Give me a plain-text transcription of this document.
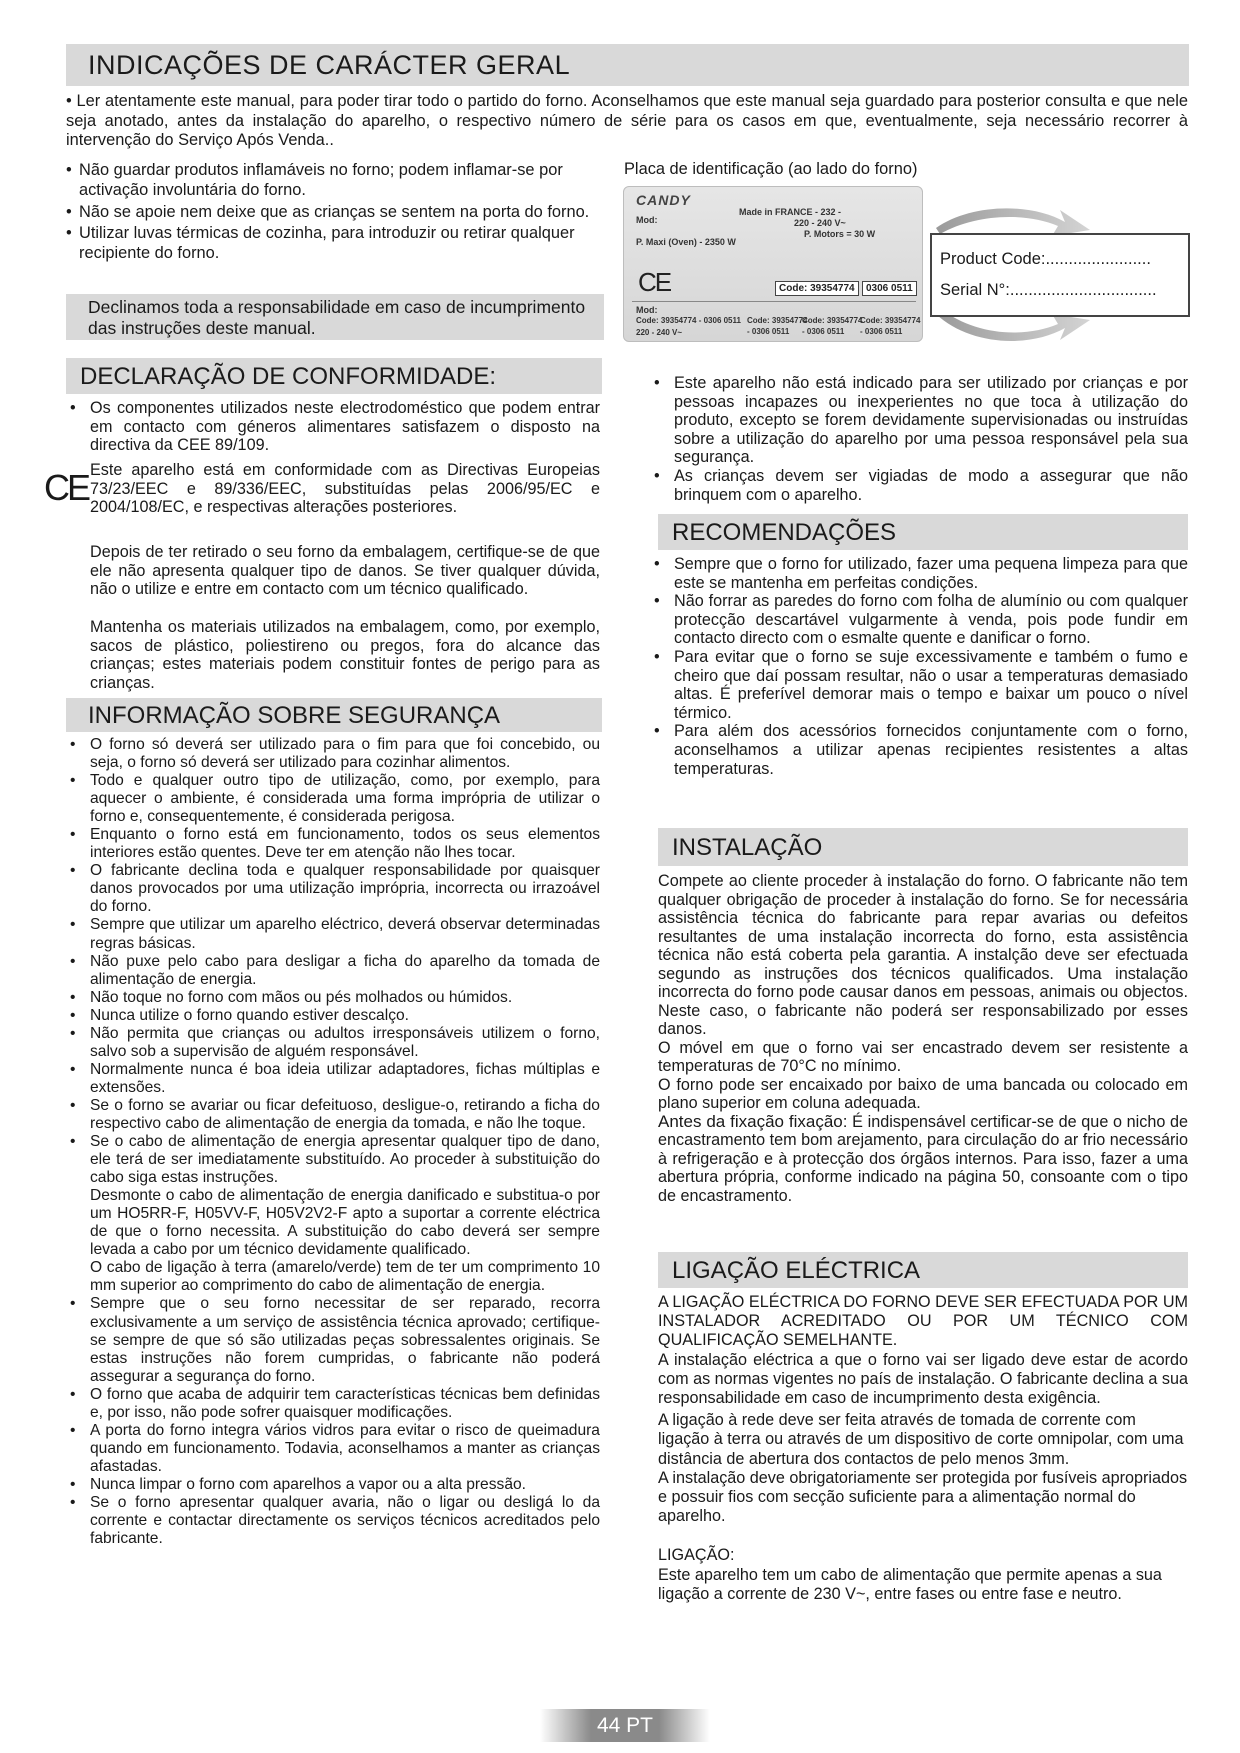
INDICAÇÕES DE CARÁCTER GERAL
• Ler atentamente este manual, para poder tirar todo o partido do forno. Aconselhamos que este manual seja guardado para posterior consulta e que nele seja anotado, antes da instalação do aparelho, o respectivo número de série para os casos em que, eventualmente, seja necessário recorrer à intervenção do Serviço Após Venda..
• Não guardar produtos inflamáveis no forno; podem inflamar-se por activação involuntária do forno.
• Não se apoie nem deixe que as crianças se sentem na porta do forno.
• Utilizar luvas térmicas de cozinha, para introduzir ou retirar qualquer recipiente do forno.
Declinamos toda a responsabilidade em caso de incumprimento das instruções deste manual.
Placa de identificação (ao lado do forno)
CANDY
Mod:
Made in FRANCE - 232 -
220 - 240 V~
P. Motors = 30 W
P. Maxi (Oven) - 2350 W
CE	Code: 39354774	0306 0511
Mod:
Code: 39354774 - 0306 0511
220 - 240 V~
Code: 39354774
- 0306 0511
Code: 39354774
- 0306 0511
Code: 39354774
- 0306 0511
Product Code:.......................
Serial N°:................................
DECLARAÇÃO DE CONFORMIDADE:
• Os componentes utilizados neste electrodoméstico que podem entrar em contacto com géneros alimentares satisfazem o disposto na directiva da CEE 89/109.
CE Este aparelho está em conformidade com as Directivas Europeias 73/23/EEC e 89/336/EEC, substituídas pelas 2006/95/EC e 2004/108/EC, e respectivas alterações posteriores.
Depois de ter retirado o seu forno da embalagem, certifique-se de que ele não apresenta qualquer tipo de danos. Se tiver qualquer dúvida, não o utilize e entre em contacto com um técnico qualificado.
Mantenha os materiais utilizados na embalagem, como, por exemplo, sacos de plástico, poliestireno ou pregos, fora do alcance das crianças; estes materiais podem constituir fontes de perigo para as crianças.
INFORMAÇÃO SOBRE SEGURANÇA
• O forno só deverá ser utilizado para o fim para que foi concebido, ou seja, o forno só deverá ser utilizado para cozinhar alimentos.
• Todo e qualquer outro tipo de utilização, como, por exemplo, para aquecer o ambiente, é considerada uma forma imprópria de utilizar o forno e, consequentemente, é considerada perigosa.
• Enquanto o forno está em funcionamento, todos os seus elementos interiores estão quentes. Deve ter em atenção não lhes tocar.
• O fabricante declina toda e qualquer responsabilidade por quaisquer danos provocados por uma utilização imprópria, incorrecta ou irrazoável do forno.
• Sempre que utilizar um aparelho eléctrico, deverá observar determinadas regras básicas.
• Não puxe pelo cabo para desligar a ficha do aparelho da tomada de alimentação de energia.
• Não toque no forno com mãos ou pés molhados ou húmidos.
• Nunca utilize o forno quando estiver descalço.
• Não permita que crianças ou adultos irresponsáveis utilizem o forno, salvo sob a supervisão de alguém responsável.
• Normalmente nunca é boa ideia utilizar adaptadores, fichas múltiplas e extensões.
• Se o forno se avariar ou ficar defeituoso, desligue-o, retirando a ficha do respectivo cabo de alimentação de energia da tomada, e não lhe toque.
• Se o cabo de alimentação de energia apresentar qualquer tipo de dano, ele terá de ser imediatamente substituído. Ao proceder à substituição do cabo siga estas instruções.
Desmonte o cabo de alimentação de energia danificado e substitua-o por um HO5RR-F, H05VV-F, H05V2V2-F apto a suportar a corrente eléctrica de que o forno necessita. A substituição do cabo deverá ser sempre levada a cabo por um técnico devidamente qualificado.
O cabo de ligação à terra (amarelo/verde) tem de ter um comprimento 10 mm superior ao comprimento do cabo de alimentação de energia.
• Sempre que o seu forno necessitar de ser reparado, recorra exclusivamente a um serviço de assistência técnica aprovado; certifique-se sempre de que só são utilizadas peças sobressalentes originais. Se estas instruções não forem cumpridas, o fabricante não poderá assegurar a segurança do forno.
• O forno que acaba de adquirir tem características técnicas bem definidas e, por isso, não pode sofrer quaisquer modificações.
• A porta do forno integra vários vidros para evitar o risco de queimadura quando em funcionamento. Todavia, aconselhamos a manter as crianças afastadas.
• Nunca limpar o forno com aparelhos a vapor ou a alta pressão.
• Se o forno apresentar qualquer avaria, não o ligar ou desligá lo da corrente e contactar directamente os serviços técnicos acreditados pelo fabricante.
• Este aparelho não está indicado para ser utilizado por crianças e por pessoas incapazes ou inexperientes no que toca à utilização do produto, excepto se forem devidamente supervisionadas ou instruídas sobre a utilização do aparelho por uma pessoa responsável pela sua segurança.
• As crianças devem ser vigiadas de modo a assegurar que não brinquem com o aparelho.
RECOMENDAÇÕES
• Sempre que o forno for utilizado, fazer uma pequena limpeza para que este se mantenha em perfeitas condições.
• Não forrar as paredes do forno com folha de alumínio ou com qualquer protecção descartável vulgarmente à venda, pois pode fundir em contacto directo com o esmalte quente e danificar o forno.
• Para evitar que o forno se suje excessivamente e também o fumo e cheiro que daí possam resultar, não o usar a temperaturas demasiado altas. É preferível demorar mais o tempo e baixar um pouco o nível térmico.
• Para além dos acessórios fornecidos conjuntamente com o forno, aconselhamos a utilizar apenas recipientes resistentes a altas temperaturas.
INSTALAÇÃO
Compete ao cliente proceder à instalação do forno. O fabricante não tem qualquer obrigação de proceder à instalação do forno. Se for necessária assistência técnica do fabricante para repar avarias ou defeitos resultantes de uma instalação incorrecta do forno, esta assistência técnica não está coberta pela garantia. A instalção deve ser efectuada segundo as instruções dos técnicos qualificados. Uma instalação incorrecta do forno pode causar danos em pessoas, animais ou objectos. Neste caso, o fabricante não poderá ser responsabilizado por esses danos.
O móvel em que o forno vai ser encastrado devem ser resistente a temperaturas de 70°C no mínimo.
O forno pode ser encaixado por baixo de uma bancada ou colocado em plano superior em coluna adequada.
Antes da fixação fixação: É indispensável certificar-se de que o nicho de encastramento tem bom arejamento, para circulação do ar frio necessário à refrigeração e à protecção dos órgãos internos. Para isso, fazer a uma abertura própria, conforme indicado na página 50, consoante com o tipo de encastramento.
LIGAÇÃO ELÉCTRICA
A LIGAÇÃO ELÉCTRICA DO FORNO DEVE SER EFECTUADA POR UM INSTALADOR ACREDITADO OU POR UM TÉCNICO COM QUALIFICAÇÃO SEMELHANTE.
A instalação eléctrica a que o forno vai ser ligado deve estar de acordo com as normas vigentes no país de instalação. O fabricante declina a sua responsabilidade em caso de incumprimento desta exigência.
A ligação à rede deve ser feita através de tomada de corrente com ligação à terra ou através de um dispositivo de corte omnipolar, com uma distância de abertura dos contactos de pelo menos 3mm.
A instalação deve obrigatoriamente ser protegida por fusíveis apropriados e possuir fios com secção suficiente para a alimentação normal do aparelho.
LIGAÇÃO:
Este aparelho tem um cabo de alimentação que permite apenas a sua ligação a corrente de 230 V~, entre fases ou entre fase e neutro.
44 PT
